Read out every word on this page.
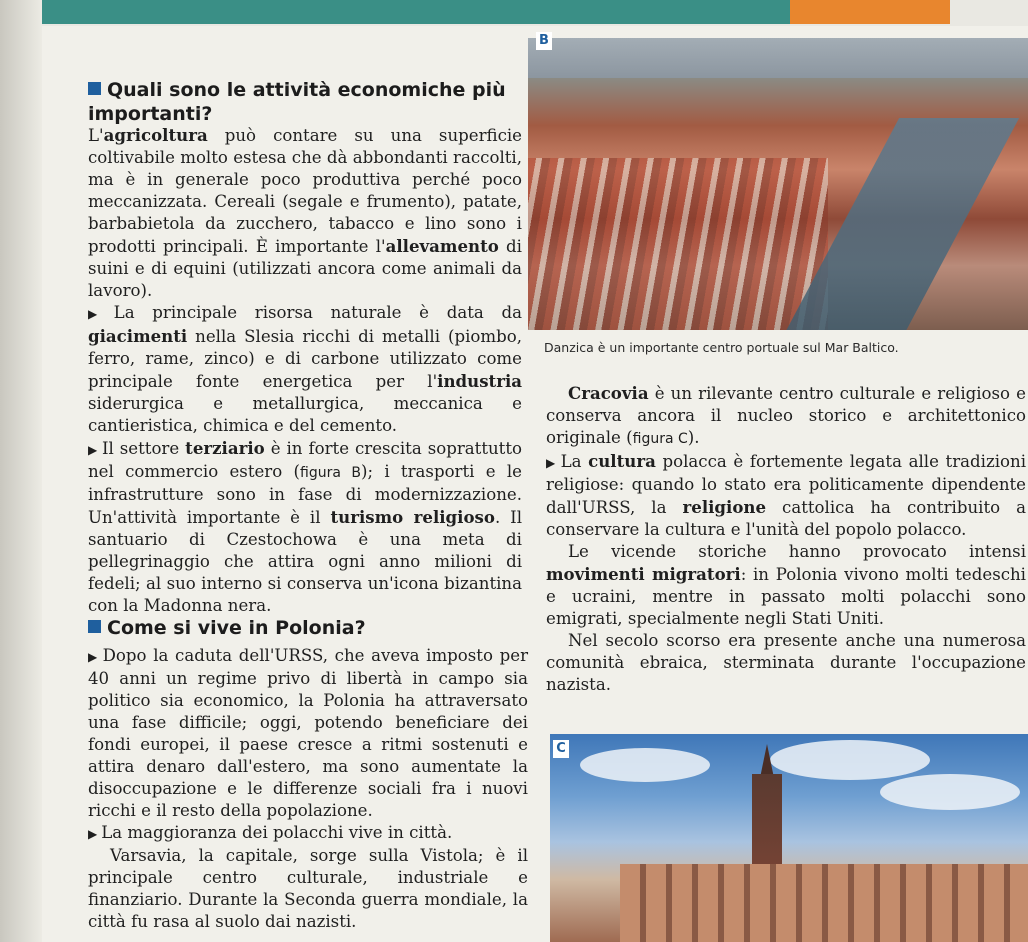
B
Danzica è un importante centro portuale sul Mar Baltico.
Quali sono le attività economiche più importanti?

L'agricoltura può contare su una superficie coltivabile molto estesa che dà abbondanti raccolti, ma è in generale poco produttiva perché poco meccanizzata. Cereali (segale e frumento), patate, barbabietola da zucchero, tabacco e lino sono i prodotti principali. È importante l'allevamento di suini e di equini (utilizzati ancora come animali da lavoro).

▶ La principale risorsa naturale è data da giacimenti nella Slesia ricchi di metalli (piombo, ferro, rame, zinco) e di carbone utilizzato come principale fonte energetica per l'industria siderurgica e metallurgica, meccanica e cantieristica, chimica e del cemento.

▶ Il settore terziario è in forte crescita soprattutto nel commercio estero (figura B); i trasporti e le infrastrutture sono in fase di modernizzazione. Un'attività importante è il turismo religioso. Il santuario di Czestochowa è una meta di pellegrinaggio che attira ogni anno milioni di fedeli; al suo interno si conserva un'icona bizantina con la Madonna nera.

Come si vive in Polonia?

▶ Dopo la caduta dell'URSS, che aveva imposto per 40 anni un regime privo di libertà in campo sia politico sia economico, la Polonia ha attraversato una fase difficile; oggi, potendo beneficiare dei fondi europei, il paese cresce a ritmi sostenuti e attira denaro dall'estero, ma sono aumentate la disoccupazione e le differenze sociali fra i nuovi ricchi e il resto della popolazione.

▶ La maggioranza dei polacchi vive in città.

Varsavia, la capitale, sorge sulla Vistola; è il principale centro culturale, industriale e finanziario. Durante la Seconda guerra mondiale, la città fu rasa al suolo dai nazisti.

Cracovia è un rilevante centro culturale e religioso e conserva ancora il nucleo storico e architettonico originale (figura C).

▶ La cultura polacca è fortemente legata alle tradizioni religiose: quando lo stato era politicamente dipendente dall'URSS, la religione cattolica ha contribuito a conservare la cultura e l'unità del popolo polacco.

Le vicende storiche hanno provocato intensi movimenti migratori: in Polonia vivono molti tedeschi e ucraini, mentre in passato molti polacchi sono emigrati, specialmente negli Stati Uniti.

Nel secolo scorso era presente anche una numerosa comunità ebraica, sterminata durante l'occupazione nazista.

C
